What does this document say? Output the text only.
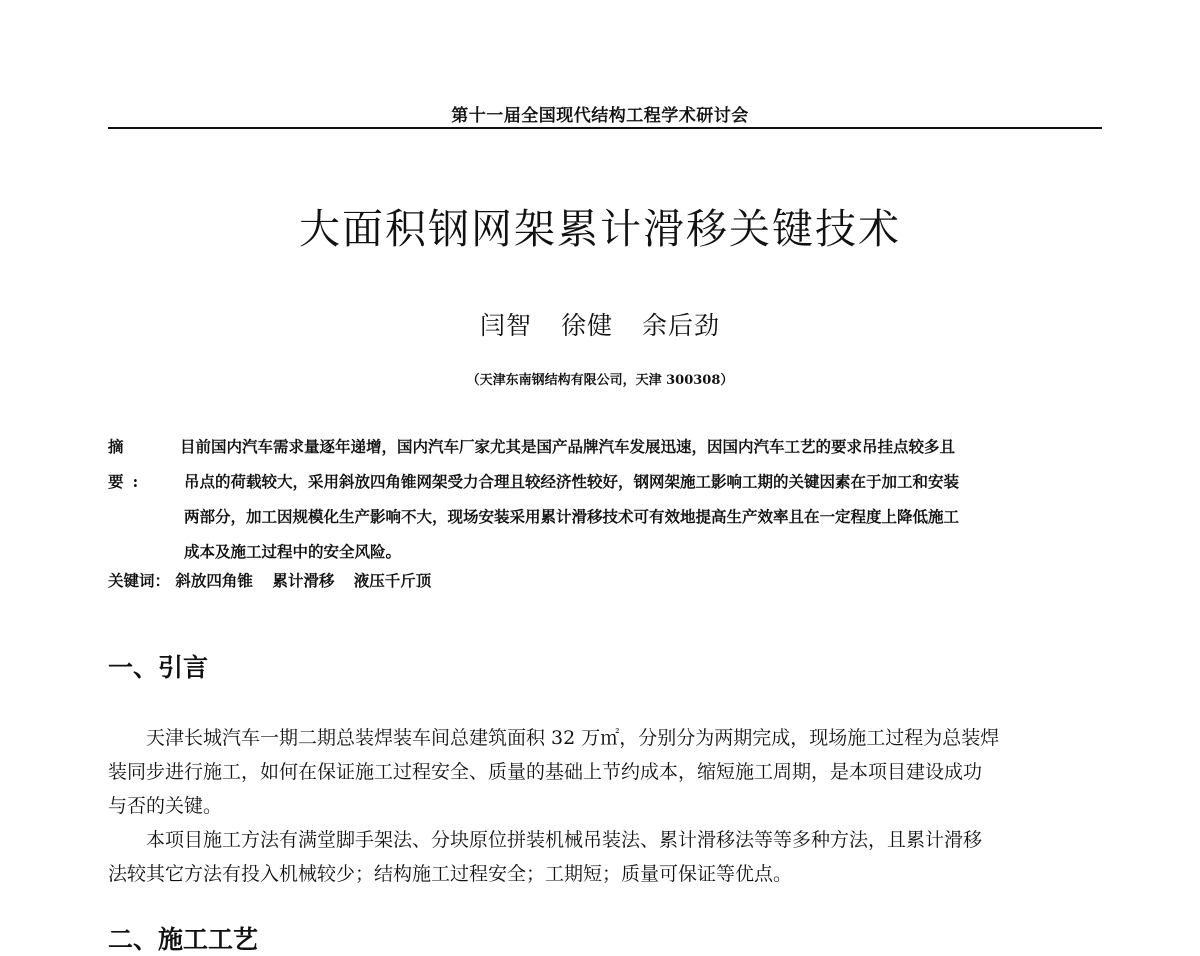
第十一届全国现代结构工程学术研讨会
大面积钢网架累计滑移关键技术
闫智 徐健 余后劲
（天津东南钢结构有限公司，天津 300308）
摘 要:
目前国内汽车需求量逐年递增，国内汽车厂家尤其是国产品牌汽车发展迅速，因国内汽车工艺的要求吊挂点较多且
吊点的荷载较大，采用斜放四角锥网架受力合理且较经济性较好，钢网架施工影响工期的关键因素在于加工和安装
两部分，加工因规模化生产影响不大，现场安装采用累计滑移技术可有效地提高生产效率且在一定程度上降低施工
成本及施工过程中的安全风险。
关键词： 斜放四角锥 累计滑移 液压千斤顶
一、引言
天津长城汽车一期二期总装焊装车间总建筑面积 32 万㎡，分别分为两期完成，现场施工过程为总装焊
装同步进行施工，如何在保证施工过程安全、质量的基础上节约成本，缩短施工周期，是本项目建设成功
与否的关键。
本项目施工方法有满堂脚手架法、分块原位拼装机械吊装法、累计滑移法等等多种方法，且累计滑移
法较其它方法有投入机械较少；结构施工过程安全；工期短；质量可保证等优点。
二、施工工艺
